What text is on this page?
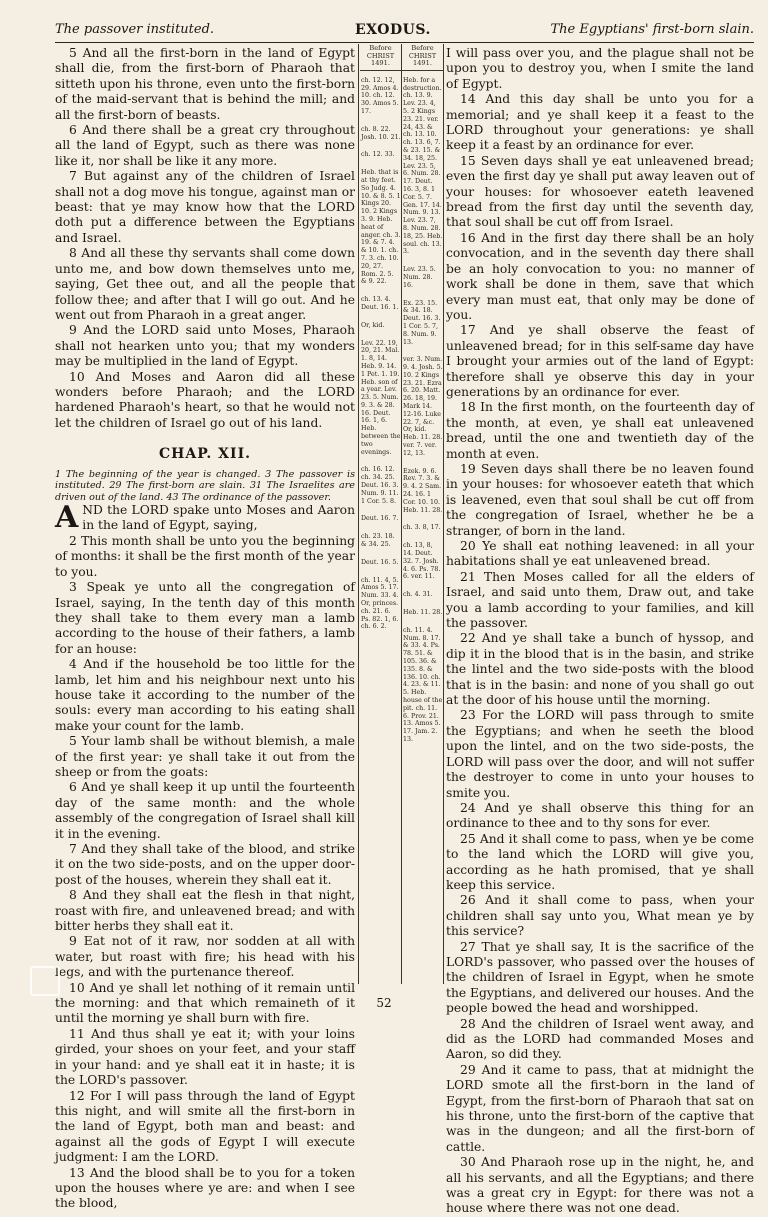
The passover instituted.	EXODUS.	The Egyptians' first-born slain.

5 And all the first-born in the land of Egypt shall die, from the first-born of Pharaoh that sitteth upon his throne, even unto the first-born of the maid-servant that is behind the mill; and all the first-born of beasts.

6 And there shall be a great cry throughout all the land of Egypt, such as there was none like it, nor shall be like it any more.

7 But against any of the children of Israel shall not a dog move his tongue, against man or beast: that ye may know how that the LORD doth put a difference between the Egyptians and Israel.

8 And all these thy servants shall come down unto me, and bow down themselves unto me, saying, Get thee out, and all the people that follow thee; and after that I will go out. And he went out from Pharaoh in a great anger.

9 And the LORD said unto Moses, Pharaoh shall not hearken unto you; that my wonders may be multiplied in the land of Egypt.

10 And Moses and Aaron did all these wonders before Pharaoh; and the LORD hardened Pharaoh's heart, so that he would not let the children of Israel go out of his land.

CHAP. XII.

1 The beginning of the year is changed. 3 The passover is instituted. 29 The first-born are slain. 31 The Israelites are driven out of the land. 43 The ordinance of the passover.

AND the LORD spake unto Moses and Aaron in the land of Egypt, saying,

2 This month shall be unto you the beginning of months: it shall be the first month of the year to you.

3 Speak ye unto all the congregation of Israel, saying, In the tenth day of this month they shall take to them every man a lamb according to the house of their fathers, a lamb for an house:

4 And if the household be too little for the lamb, let him and his neighbour next unto his house take it according to the number of the souls: every man according to his eating shall make your count for the lamb.

5 Your lamb shall be without blemish, a male of the first year: ye shall take it out from the sheep or from the goats:

6 And ye shall keep it up until the fourteenth day of the same month: and the whole assembly of the congregation of Israel shall kill it in the evening.

7 And they shall take of the blood, and strike it on the two side-posts, and on the upper door-post of the houses, wherein they shall eat it.

8 And they shall eat the flesh in that night, roast with fire, and unleavened bread; and with bitter herbs they shall eat it.

9 Eat not of it raw, nor sodden at all with water, but roast with fire; his head with his legs, and with the purtenance thereof.

10 And ye shall let nothing of it remain until the morning: and that which remaineth of it until the morning ye shall burn with fire.

11 And thus shall ye eat it; with your loins girded, your shoes on your feet, and your staff in your hand: and ye shall eat it in haste; it is the LORD's passover.

12 For I will pass through the land of Egypt this night, and will smite all the first-born in the land of Egypt, both man and beast: and against all the gods of Egypt I will execute judgment: I am the LORD.

13 And the blood shall be to you for a token upon the houses where ye are: and when I see the blood,

Before
CHRIST
1491.
ch. 12. 12, 29. Amos 4. 10. ch. 12. 30. Amos 5. 17.
ch. 8. 22. Josh. 10. 21.
ch. 12. 33.
Heb. that is at thy feet. So Judg. 4. 10. & 8. 5. 1 Kings 20. 10. 2 Kings 3. 9. Heb. heat of anger. ch. 3. 19. & 7. 4. & 10. 1. ch. 7. 3. ch. 10. 20, 27. Rom. 2. 5. & 9. 22.
ch. 13. 4. Deut. 16. 1.
Or, kid.
Lev. 22. 19, 20, 21. Mal. 1. 8, 14. Heb. 9. 14. 1 Pet. 1. 19. Heb. son of a year. Lev. 23. 5. Num. 9. 3. & 28. 16. Deut. 16. 1, 6. Heb. between the two evenings.
ch. 16. 12. ch. 34. 25. Deut. 16. 3. Num. 9. 11. 1 Cor. 5. 8.
Deut. 16. 7.
ch. 23. 18. & 34. 25.
Deut. 16. 5.
ch. 11. 4, 5. Amos 5. 17. Num. 33. 4. Or, princes. ch. 21. 6. Ps. 82. 1, 6. ch. 6. 2.
Before
CHRIST
1491.
Heb. for a destruction. ch. 13. 9. Lev. 23. 4, 5. 2 Kings 23. 21. ver. 24, 43. & ch. 13. 10. ch. 13. 6, 7. & 23. 15. & 34. 18, 25. Lev. 23. 5, 6. Num. 28. 17. Deut. 16. 3, 8. 1 Cor. 5. 7. Gen. 17. 14. Num. 9. 13. Lev. 23. 7, 8. Num. 28. 18, 25. Heb. soul. ch. 13. 3.
Lev. 23. 5. Num. 28. 16.
Ex. 23. 15. & 34. 18. Deut. 16. 3. 1 Cor. 5. 7, 8. Num. 9. 13.
ver. 3. Num. 9. 4. Josh. 5. 10. 2 Kings 23. 21. Ezra 6. 20. Matt. 26. 18, 19. Mark 14. 12-16. Luke 22. 7, &c. Or, kid. Heb. 11. 28. ver. 7. ver. 12, 13.
Ezek. 9. 6. Rev. 7. 3. & 9. 4. 2 Sam. 24. 16. 1 Cor. 10. 10. Heb. 11. 28.
ch. 3. 8, 17.
ch. 13, 8, 14. Deut. 32. 7. Josh. 4. 6. Ps. 78. 6. ver. 11.
ch. 4. 31.
Heb. 11. 28.
ch. 11. 4. Num. 8. 17. & 33. 4. Ps. 78. 51. & 105. 36. & 135. 8. & 136. 10. ch. 4. 23. & 11. 5. Heb. house of the pit. ch. 11. 6. Prov. 21. 13. Amos 5. 17. Jam. 2. 13.

I will pass over you, and the plague shall not be upon you to destroy you, when I smite the land of Egypt.

14 And this day shall be unto you for a memorial; and ye shall keep it a feast to the LORD throughout your generations: ye shall keep it a feast by an ordinance for ever.

15 Seven days shall ye eat unleavened bread; even the first day ye shall put away leaven out of your houses: for whosoever eateth leavened bread from the first day until the seventh day, that soul shall be cut off from Israel.

16 And in the first day there shall be an holy convocation, and in the seventh day there shall be an holy convocation to you: no manner of work shall be done in them, save that which every man must eat, that only may be done of you.

17 And ye shall observe the feast of unleavened bread; for in this self-same day have I brought your armies out of the land of Egypt: therefore shall ye observe this day in your generations by an ordinance for ever.

18 In the first month, on the fourteenth day of the month, at even, ye shall eat unleavened bread, until the one and twentieth day of the month at even.

19 Seven days shall there be no leaven found in your houses: for whosoever eateth that which is leavened, even that soul shall be cut off from the congregation of Israel, whether he be a stranger, of born in the land.

20 Ye shall eat nothing leavened: in all your habitations shall ye eat unleavened bread.

21 Then Moses called for all the elders of Israel, and said unto them, Draw out, and take you a lamb according to your families, and kill the passover.

22 And ye shall take a bunch of hyssop, and dip it in the blood that is in the basin, and strike the lintel and the two side-posts with the blood that is in the basin: and none of you shall go out at the door of his house until the morning.

23 For the LORD will pass through to smite the Egyptians; and when he seeth the blood upon the lintel, and on the two side-posts, the LORD will pass over the door, and will not suffer the destroyer to come in unto your houses to smite you.

24 And ye shall observe this thing for an ordinance to thee and to thy sons for ever.

25 And it shall come to pass, when ye be come to the land which the LORD will give you, according as he hath promised, that ye shall keep this service.

26 And it shall come to pass, when your children shall say unto you, What mean ye by this service?

27 That ye shall say, It is the sacrifice of the LORD's passover, who passed over the houses of the children of Israel in Egypt, when he smote the Egyptians, and delivered our houses. And the people bowed the head and worshipped.

28 And the children of Israel went away, and did as the LORD had commanded Moses and Aaron, so did they.

29 And it came to pass, that at midnight the LORD smote all the first-born in the land of Egypt, from the first-born of Pharaoh that sat on his throne, unto the first-born of the captive that was in the dungeon; and all the first-born of cattle.

30 And Pharaoh rose up in the night, he, and all his servants, and all the Egyptians; and there was a great cry in Egypt: for there was not a house where there was not one dead.

52
